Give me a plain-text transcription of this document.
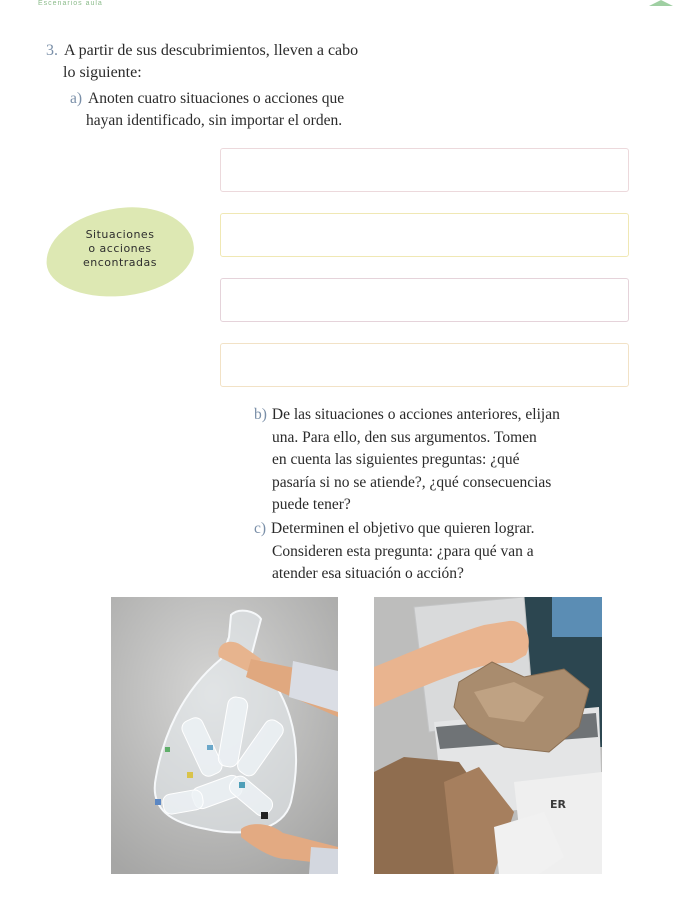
Escenarios aula
3. A partir de sus descubrimientos, lleven a cabo
lo siguiente:
a) Anoten cuatro situaciones o acciones que
hayan identificado, sin importar el orden.
Situaciones
o acciones
encontradas
b) De las situaciones o acciones anteriores, elijan
una. Para ello, den sus argumentos. Tomen
en cuenta las siguientes preguntas: ¿qué
pasaría si no se atiende?, ¿qué consecuencias
puede tener?
c) Determinen el objetivo que quieren lograr.
Consideren esta pregunta: ¿para qué van a
atender esa situación o acción?
ER
